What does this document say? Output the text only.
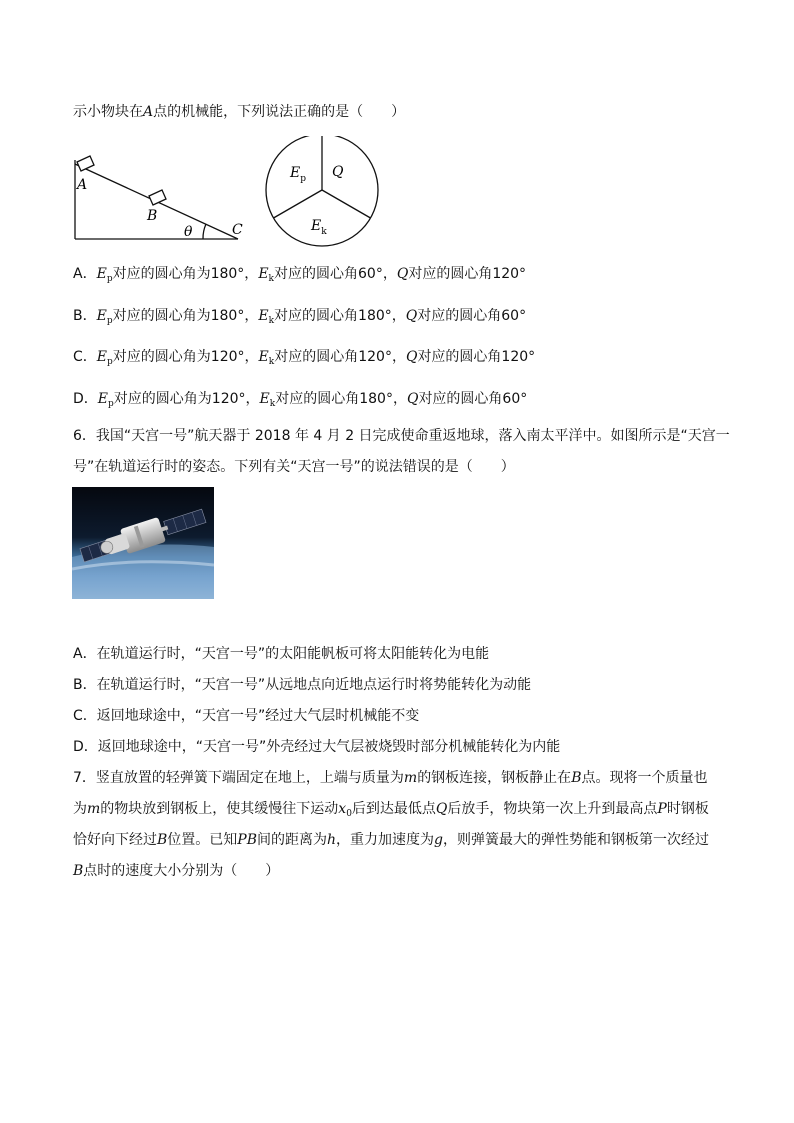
示小物块在A点的机械能，下列说法正确的是（　　）
A
B
θ	C
$E_p$ Q
$E_k$
A．$E_p$对应的圆心角为180°，$E_k$对应的圆心角60°，Q对应的圆心角120°
B．$E_p$对应的圆心角为180°，$E_k$对应的圆心角180°，Q对应的圆心角60°
C．$E_p$对应的圆心角为120°，$E_k$对应的圆心角120°，Q对应的圆心角120°
D．$E_p$对应的圆心角为120°，$E_k$对应的圆心角180°，Q对应的圆心角60°
6．我国“天宫一号”航天器于 2018 年 4 月 2 日完成使命重返地球，落入南太平洋中。如图所示是“天宫一
号”在轨道运行时的姿态。下列有关“天宫一号”的说法错误的是（　　）
A．在轨道运行时，“天宫一号”的太阳能帆板可将太阳能转化为电能
B．在轨道运行时，“天宫一号”从远地点向近地点运行时将势能转化为动能
C．返回地球途中，“天宫一号”经过大气层时机械能不变
D．返回地球途中，“天宫一号”外壳经过大气层被烧毁时部分机械能转化为内能
7．竖直放置的轻弹簧下端固定在地上，上端与质量为m的钢板连接，钢板静止在B点。现将一个质量也
为m的物块放到钢板上，使其缓慢往下运动$x_0$后到达最低点Q后放手，物块第一次上升到最高点P时钢板
恰好向下经过B位置。已知PB间的距离为h，重力加速度为g，则弹簧最大的弹性势能和钢板第一次经过
B点时的速度大小分别为（　　）
